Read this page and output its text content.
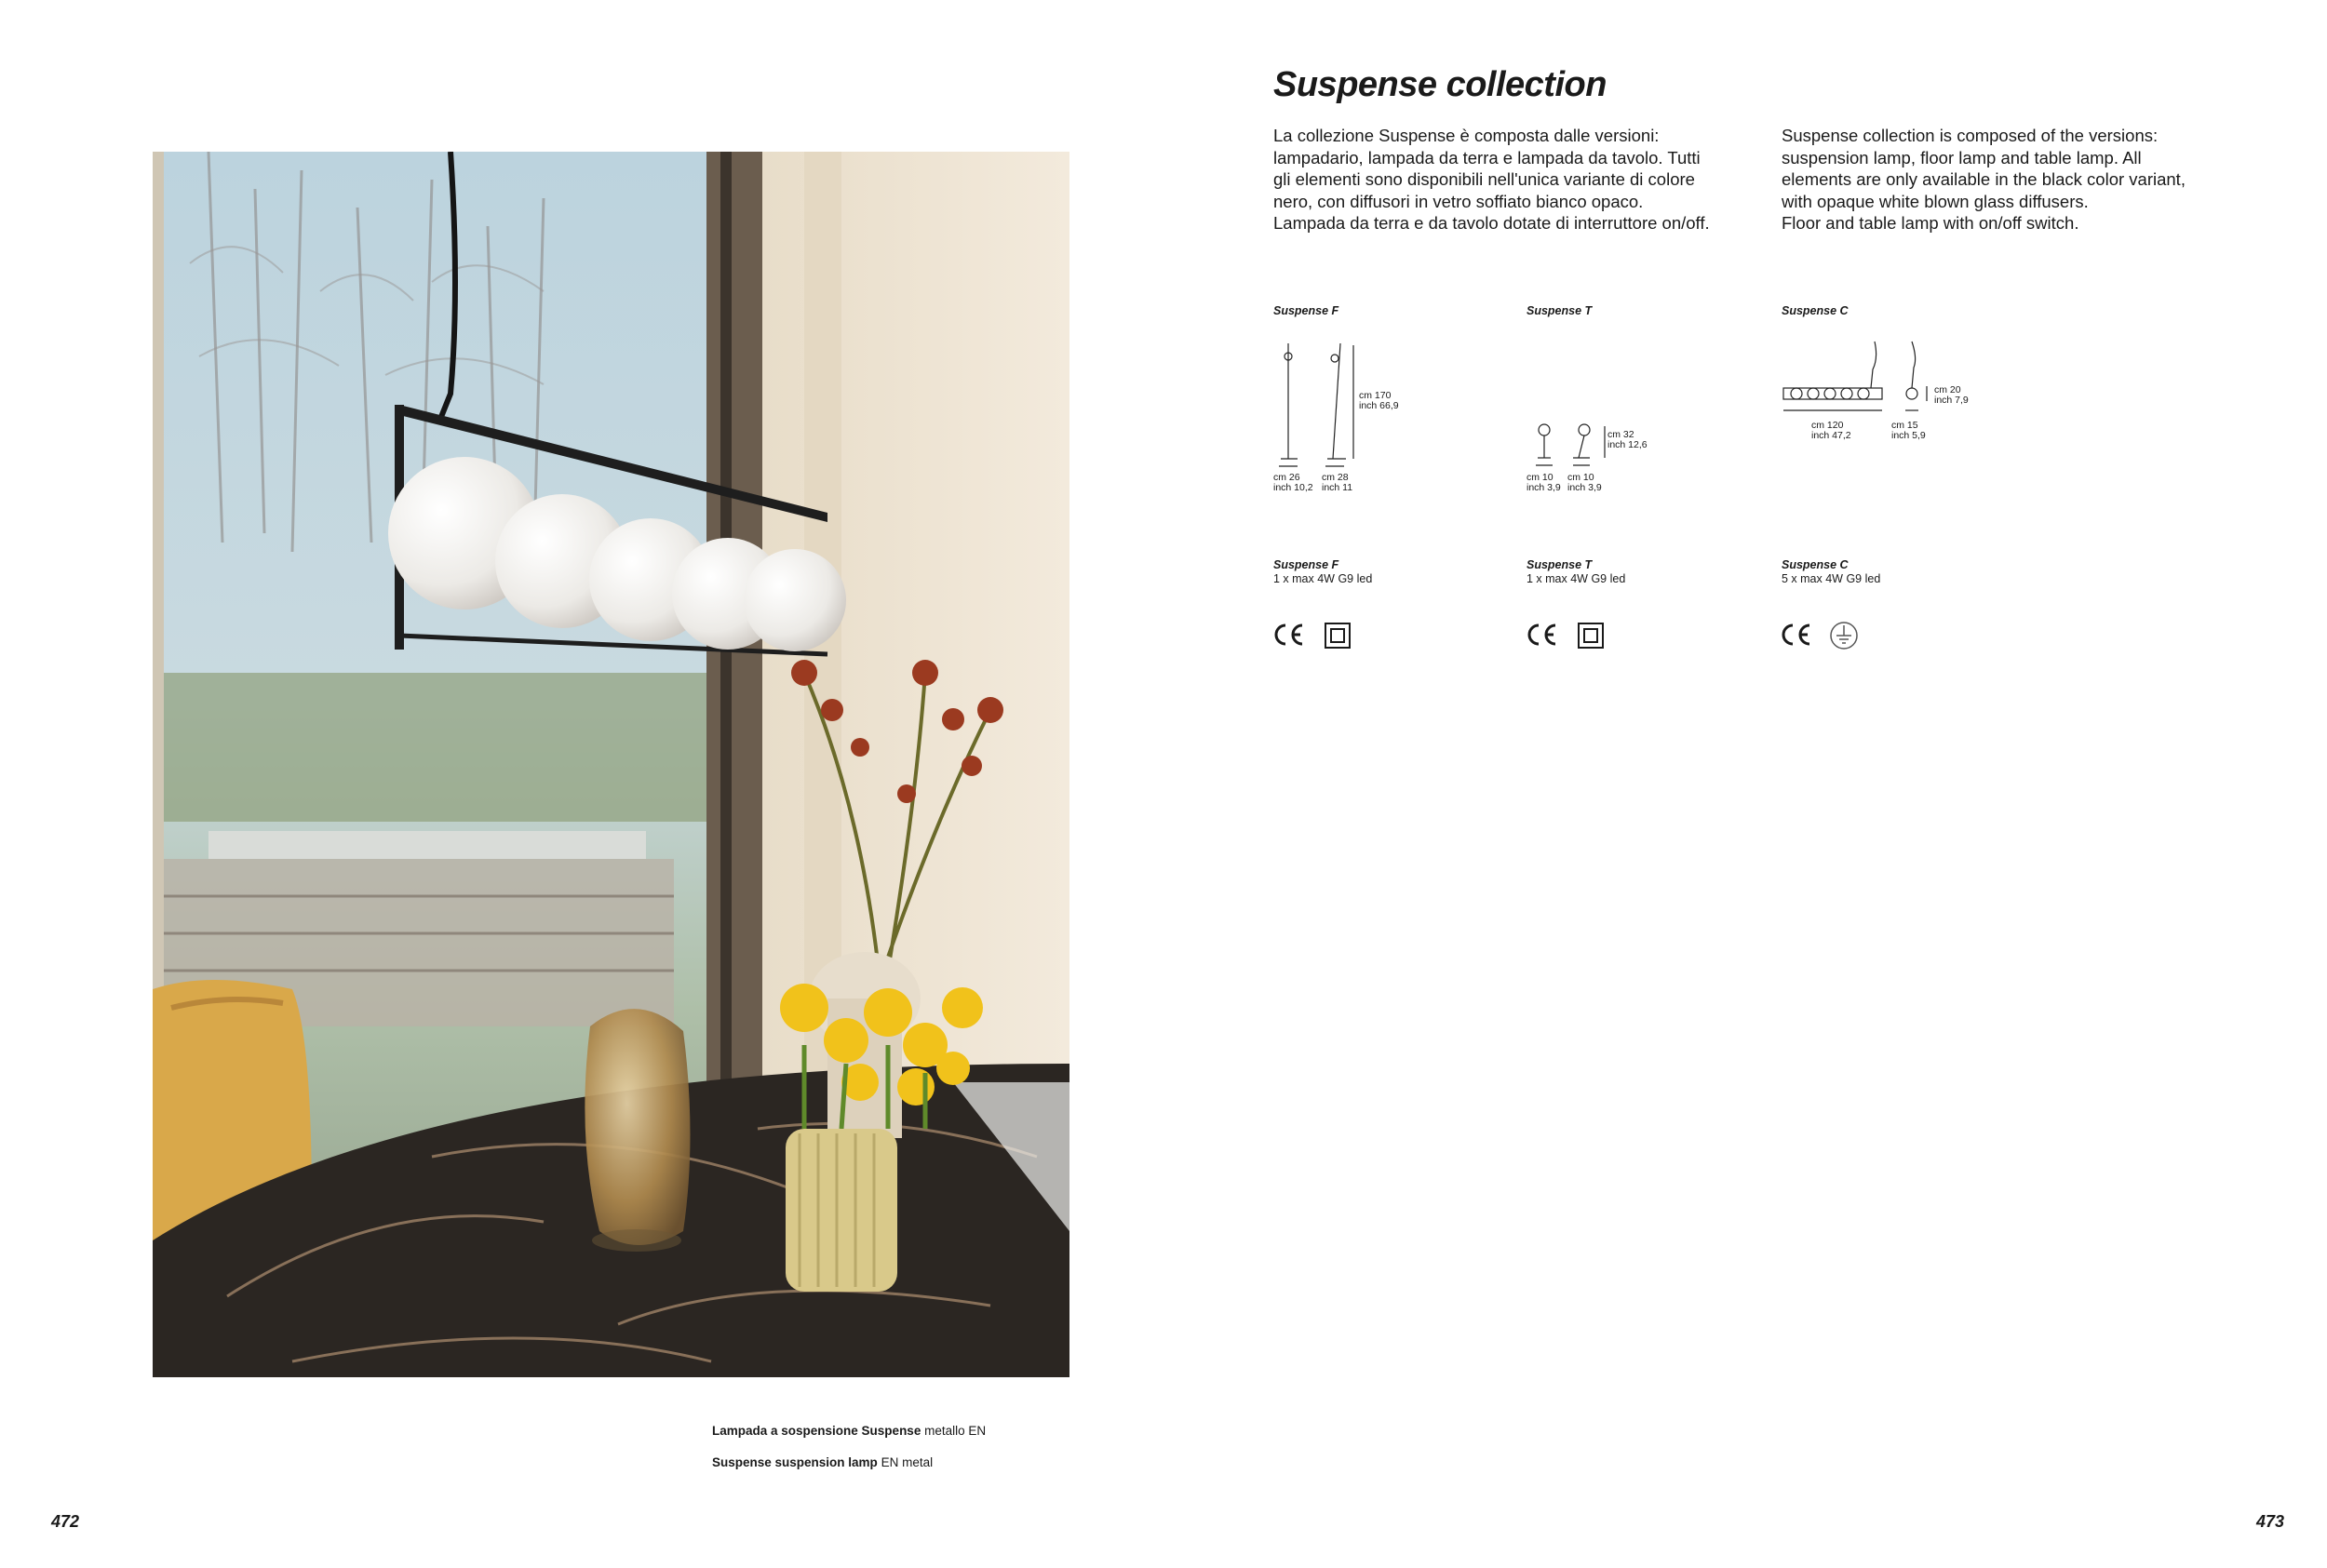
Lampada a sospensione Suspense metallo EN
Suspense suspension lamp EN metal
472
Suspense collection
La collezione Suspense è composta dalle versioni:
lampadario, lampada da terra e lampada da tavolo. Tutti
gli elementi sono disponibili nell'unica variante di colore
nero, con diffusori in vetro soffiato bianco opaco.
Lampada da terra e da tavolo dotate di interruttore on/off.
Suspense collection is composed of the versions:
suspension lamp, floor lamp and table lamp. All
elements are only available in the black color variant,
with opaque white blown glass diffusers.
Floor and table lamp with on/off switch.
Suspense F
cm 26
inch 10,2
cm 28
inch 11
cm 170
inch 66,9
Suspense T
cm 10
inch 3,9
cm 10
inch 3,9
cm 32
inch 12,6
Suspense C
cm 120
inch 47,2
cm 15
inch 5,9
cm 20
inch 7,9
Suspense F
1 x max 4W G9 led
Suspense T
1 x max 4W G9 led
Suspense C
5 x max 4W G9 led
473
